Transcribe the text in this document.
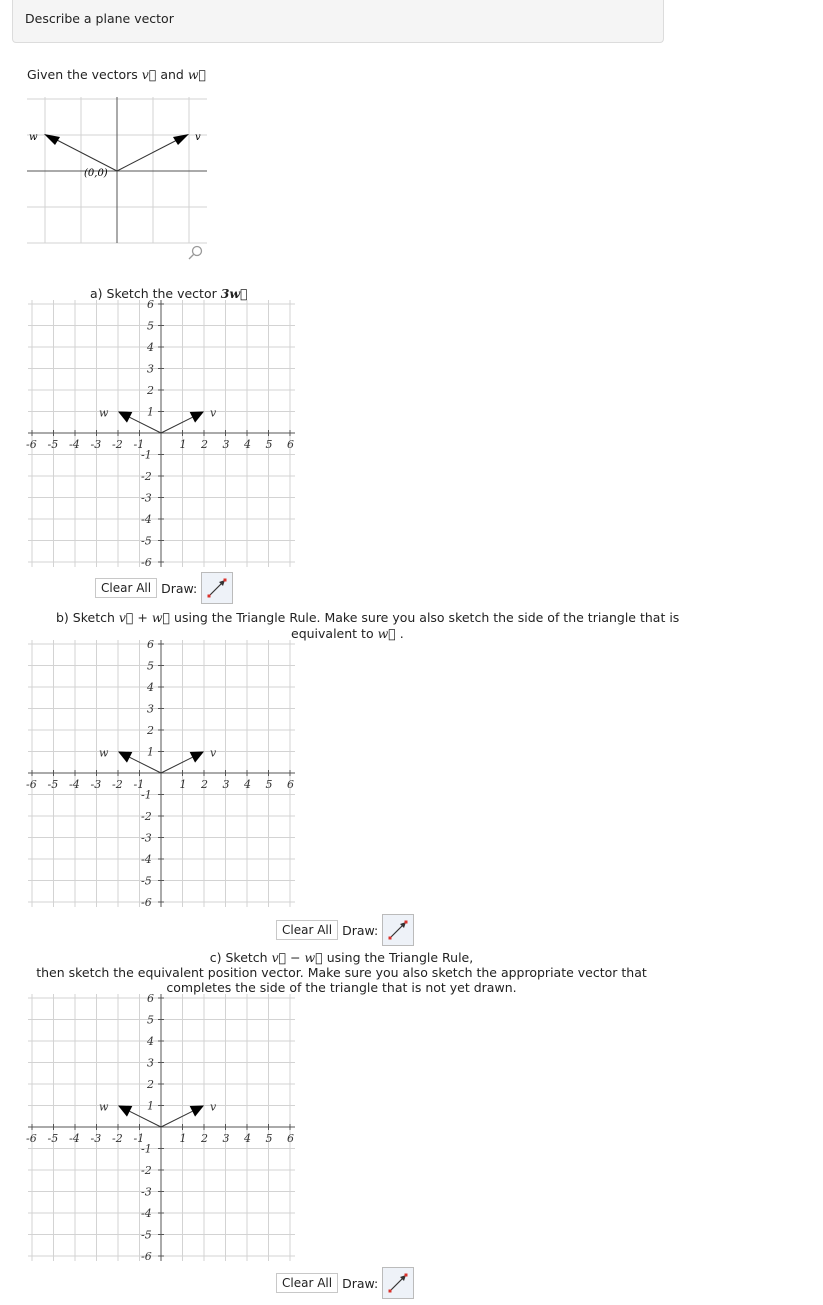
Describe a plane vector
Given the vectors v⃗ and w⃗
v
w
(0,0)
a) Sketch the vector 3w⃗
-6 -5 -4 -3 -2 -1	1 2 3 4 5 6
1
2
3
4
5
6
-1
-2
-3
-4
-5
-6
v
w
Clear All Draw:
b) Sketch v⃗ + w⃗ using the Triangle Rule. Make sure you also sketch the side of the triangle that is
equivalent to w⃗ .
-6 -5 -4 -3 -2 -1	1 2 3 4 5 6
1
2
3
4
5
6
-1
-2
-3
-4
-5
-6
v
w
Clear All Draw:
c) Sketch v⃗ − w⃗ using the Triangle Rule,
then sketch the equivalent position vector. Make sure you also sketch the appropriate vector that
completes the side of the triangle that is not yet drawn.
-6 -5 -4 -3 -2 -1	1 2 3 4 5 6
1
2
3
4
5
6
-1
-2
-3
-4
-5
-6
v
w
Clear All Draw:
